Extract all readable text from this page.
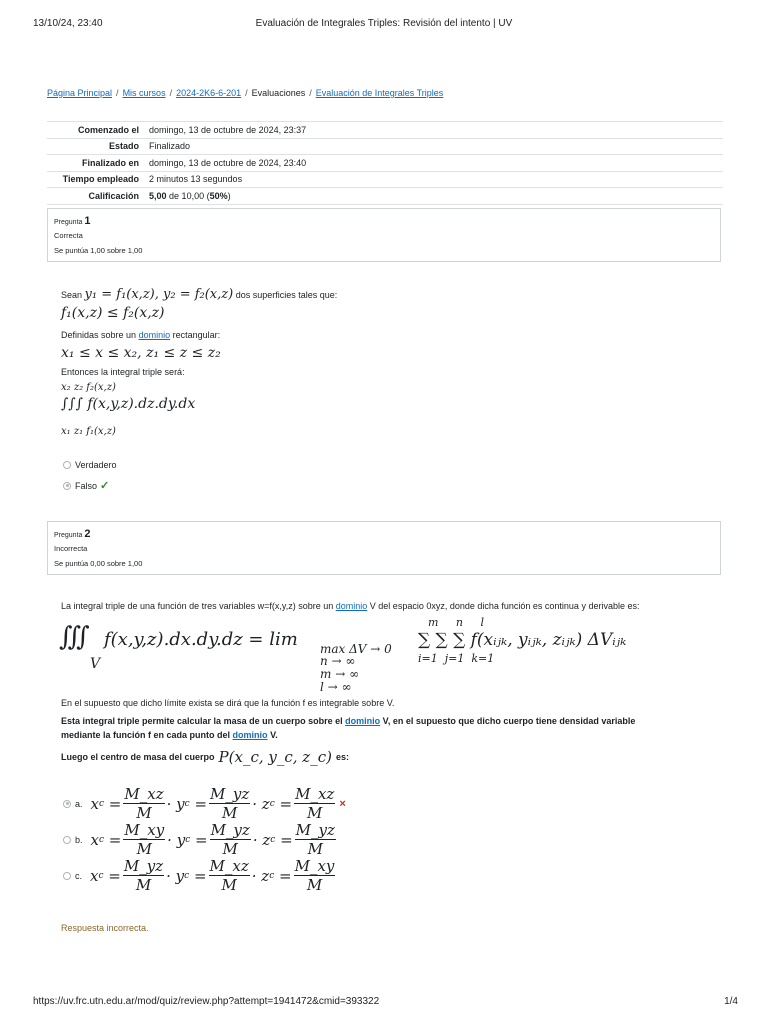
13/10/24, 23:40	Evaluación de Integrales Triples: Revisión del intento | UV
Página Principal / Mis cursos / 2024-2K6-6-201 / Evaluaciones / Evaluación de Integrales Triples
Comenzado el	domingo, 13 de octubre de 2024, 23:37
Estado	Finalizado
Finalizado en	domingo, 13 de octubre de 2024, 23:40
Tiempo empleado	2 minutos 13 segundos
Calificación	5,00 de 10,00 (50%)
Pregunta 1
Correcta
Se puntúa 1,00 sobre 1,00
Sean y₁ = f₁(x,z), y₂ = f₂(x,z) dos superficies tales que:
f₁(x,z) ≤ f₂(x,z)
Definidas sobre un dominio rectangular:
x₁ ≤ x ≤ x₂, z₁ ≤ z ≤ z₂
Entonces la integral triple será:
x₂ z₂ f₂(x,z)
∫∫∫ f(x,y,z).dz.dy.dx
x₁ z₁ f₁(x,z)
Verdadero
Falso ✓
Pregunta 2
Incorrecta
Se puntúa 0,00 sobre 1,00
La integral triple de una función de tres variables w=f(x,y,z) sobre un dominio V del espacio 0xyz, donde dicha función es continua y derivable es:
∭
V
f(x,y,z).dx.dy.dz = lim max ΔV → 0
n → ∞
m → ∞
l → ∞
m     n     l
∑ ∑ ∑ f(xᵢⱼₖ, yᵢⱼₖ, zᵢⱼₖ) ΔVᵢⱼₖ
i=1  j=1  k=1
En el supuesto que dicho límite exista se dirá que la función f es integrable sobre V.
Esta integral triple permite calcular la masa de un cuerpo sobre el dominio V, en el supuesto que dicho cuerpo tiene densidad variable
mediante la función f en cada punto del dominio V.
Luego el centro de masa del cuerpo P(x_c, y_c, z_c) es:
a. x $c = \frac{M\_xz}{M} \cdot y$ $c = \frac{M\_yz}{M} \cdot z$ $c = \frac{M\_xz}{M}$ ×
b. x $c = \frac{M\_xy}{M} \cdot y$ $c = \frac{M\_yz}{M} \cdot z$ $c = \frac{M\_yz}{M}$
c. x $c = \frac{M\_yz}{M} \cdot y$ $c = \frac{M\_xz}{M} \cdot z$ $c = \frac{M\_xy}{M}$
Respuesta incorrecta.
https://uv.frc.utn.edu.ar/mod/quiz/review.php?attempt=1941472&cmid=393322	1/4
